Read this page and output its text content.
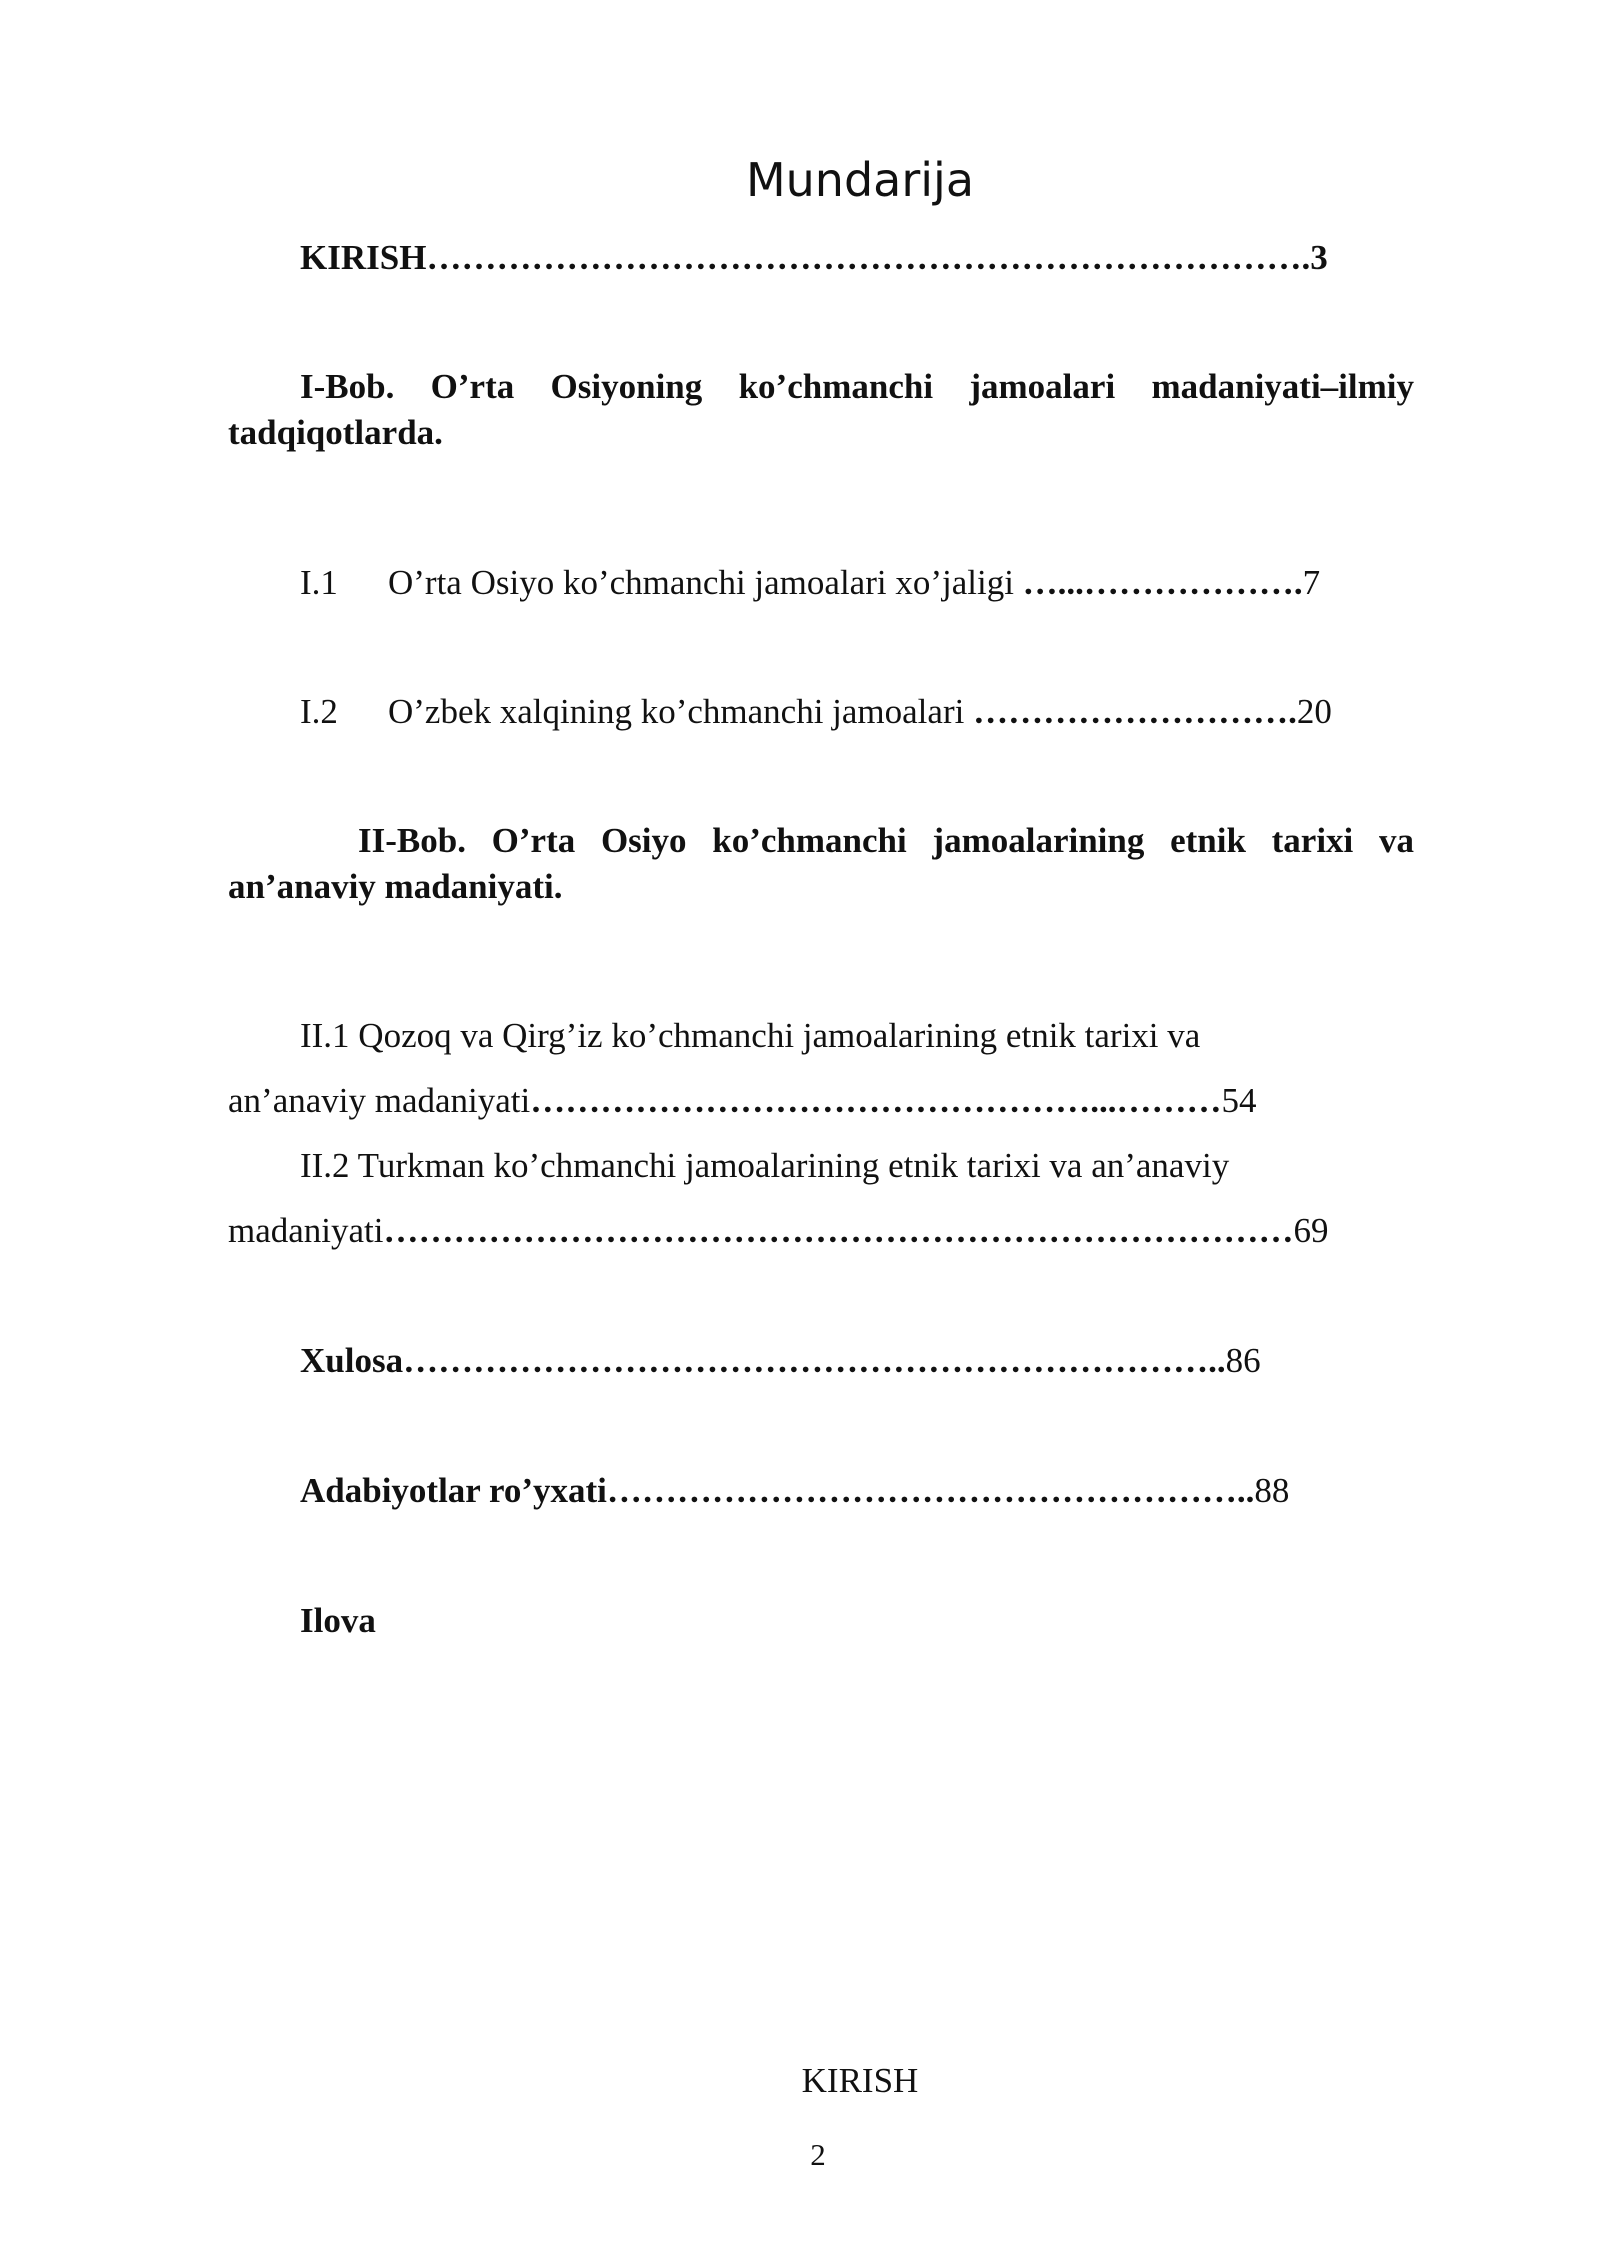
Mundarija
KIRISH………………………………………………………………….3
I-Bob. O’rta Osiyoning ko’chmanchi jamoalari madaniyati–ilmiy tadqiqotlarda.
I.1 O’rta Osiyo ko’chmanchi jamoalari xo’jaligi …...……………….7
I.2 O’zbek xalqining ko’chmanchi jamoalari ……………………….20
II-Bob. O’rta Osiyo ko’chmanchi jamoalarining etnik tarixi va an’anaviy madaniyati.
II.1 Qozoq va Qirg’iz ko’chmanchi jamoalarining etnik tarixi va
an’anaviy madaniyati…………………………………………...………54
II.2 Turkman ko’chmanchi jamoalarining etnik tarixi va an’anaviy
madaniyati……………………………………………………………………69
Xulosa……………………………………………………………..86
Adabiyotlar ro’yxati………………………………………………..88
Ilova
KIRISH
2
